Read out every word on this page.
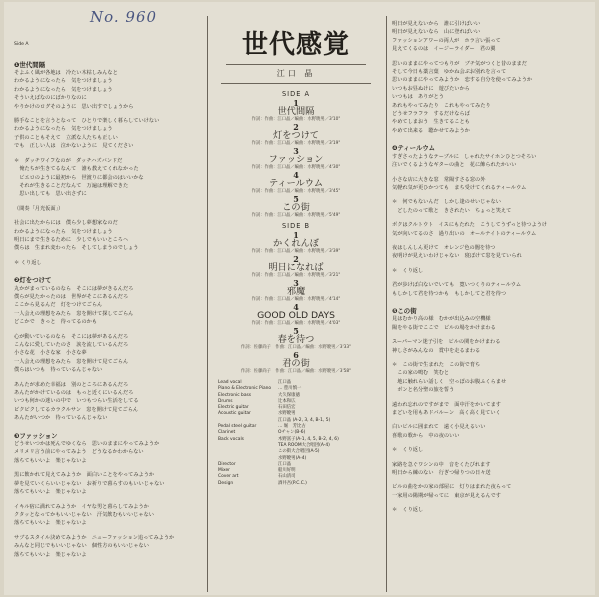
No. 960

Side A

❶世代間隔
そよふく風が各地は　冷たい木枯しみんなと
わかるようになったら　気をつけましょう
わかるようになったら　気をつけましょう
そういえばなのにばかりなのに
やりかけのログそのように　思い出すでしょうから
勝手なことを言うとなって　ひとりで楽しく暮らしていけない
わかるようになったら　気をつけましょう
子供のこともそえて　立派な人たちも正しい
でも　正しい人は　泣かないように　見てください
＊　ダッチワイフなのが　ダッチハズバンドだ
　俺たちが生きてるなんて　誰も教えてくれなかった
　ビエロのように最初から　世渡りに都会のはいいかな
　それが生きることだなんて　万遍は理解できた
　思い出しても　思い出さずに
（間奏「月光仮面」）
社会に出たからには　僕ら少し夢想家なのだ
わかるようになったら　気をつけましょう
明日にまで生きるために　少しでもいいところヘ
僕らは　生まれ変わったら　そしてしまうのでしょう
＊ くり返し
❷灯をつけて
丸かがまっているのなら　そこには夢がきるんだろ
僕らが見たかったのは　世界がそこにあるんだろ
ここから見るんだ　灯をつけてごらん
一人会えの理想をみたら　窓を開けて探してごらん
どこかで　きっと　待ってるのかも
心が動いているのなら　そこには夢があるんだろ
こんなに愛していたのさ　涙を流しているんだろ
小さな花　小さな家　小さな夢
一人会えの理想をみたら　窓を開けて見てごらん
僕らはいつも　待っているんじゃない
あんたが求めた幸福は　別のところにあるんだろ
あんたがかけているのは　もっと近くにいるんだろ
いつも何かの迷いの中で　いつもつらい生活をしてる
ピクピクしてるカラクルサン　窓を開けて見てごらん
あんたがいつか　待っているんじゃない
❸ファッション
どうせいつかは死んでゆくなら　思いのままにやってみようか
メリメリ言う前にやってみよう　どうなるかわからない
落ちてもいいよ　楽じゃないよ
黒に飲かれて見えてみようか　面白いことをやってみようか
夢を見ていくらいいじゃない　お祈りで暮らすのもいいじゃない
落ちてもいいよ　楽じゃないよ
イキル宿に満れてみようか　イヤな男と暮らしてみようか
クタッとなってかもいいじゃない　汗気飲むもいいじゃない
落ちてもいいよ　楽じゃないよ
サブるスタイル決めてみようか　ニューファッション追ってみようか
みんなと同じでもいいじゃない　個性方のもいいじゃない
落ちてもいいよ　楽じゃないよ
世代感覚
江口 晶
SIDE A
1
世代間隔
作詞：作曲：江口晶／編曲：水野暁男／3'10"
2
灯をつけて
作詞：作曲：江口晶／編曲：水野暁男／3'19"
3
ファッション
作詞：作曲：江口晶／編曲：水野暁男／4'30"
4
ティールウム
作詞：作曲：江口晶／編曲：水野暁男／3'45"
5
この街
作詞：作曲：江口晶／編曲：水野暁男／5'49"
SIDE B
1
かくれんぼ
作詞：作曲：江口晶／編曲：水野暁男／3'39"
2
明日になれば
作詞：作曲：江口晶／編曲：水野暁男／3'21"
3
邪魔
作詞：作曲：江口晶／編曲：水野暁男／4'14"
4
GOOD OLD DAYS
作詞：作曲：江口晶／編曲：水野暁男／4'03"
5
春を待つ
作詞：佐藤尚子　作曲：江口晶／編曲：水野暁男／3'33"
6
君の街
作詞：佐藤尚子　作曲：江口晶／編曲：水野暁男／3'58"
Lead vocal	江口晶
Piano & Electronic Piano	… 豊川慎一
Electronic bass	大久保康徳
Drums	辻本和広
Electric guitar	石田信宏
Acoustic guitar	水野暁男
江口晶 (A-2, 3, 4, B-1, 5)
Pedal steel guitar	… 堀　芳比古
Clarinet	Oチャン(B-6)
Back vocals	木野富子(A-1, 4, 5, B-2, 4, 6)
TEA ROOM大合唱団(A-4)
この街大合唱団(A-5)
水野暁男(A-4)
Director	江口晶
Mixer	船川好明
Cover art	石山清司
Design	酒井吾(P.C.C.)
明日が見えないから　誰に引けばいい
明日が見えないなら　山に登ればいい
ファッションアワーの両人が　ホラ言い張って
見えてくるのは　イージーライダー　君の翼
思いのままにやってつもりが　ブチ気がつくと昔のままだ
そして今日も薬言葉　ゆかね会ぶお別れを言って
思いのままにやってみようか　恋する自分を使ってみようか
いつもお昼ぬけに　遊びたいから
いつもは　ありがとう
あれもやってみたり　これもやってみたり
どうせフラフラ　するだけならば
やめてしまおう　生きてることも
やめて出来る　聴かせてみようか
❹ティールウム
すぎさったようなテーブルに　しゃれたサイホンひとつそろい
注いでくるようなギターの曲と　花に飾られたかいい
小さな店に大きな窓　常陽すさる窓の外
気軽れ気が更ひかつても　まち受けてくれるティールウム
＊　何でもないんだ　しかし逢のせいじゃない
　どしたのって歌と　きされたい　ちょっと笑えて
ボクはクルトウト　イスにもたれた　こうしてうずっと待つようけ
気が向いてるのさ　過り出いの　オールナイトのティールウム
夜はしんしん更けて　オレンジ色の闇を待つ
夜明けが見えいわけじゃない　寝ぼけて窓を見ていられ
＊　くり返し
君が歩けば白ないでいても　寛いつくりのティールウム
もしかして君を待つかも　もしかしてと君を待つ
❺この街
見はむかり高の様　むかが出込みの空機様
陽をやる街でここで　ビルの場をかけまわる
スーパーマン迷子引を　ビルの関をかけまわる
神しさがみんなの　賞中を走るまわる
＊　この街で生まれた　この街で育ち
　この家の鳴む　笑むと
　地に触れらい話しく　空っぽのお腹ふくらませ
　ボンと名分聖の旅を誓う
遠われ忘れのですがまで　面中汗をかいてます
まどいを用もあドバルーン　高く高く見ていく
白いビルに囲まれて　遠く小見えるいい
喜歌の歌から　中の夜のいい
＊　くり返し
家路を急ぐワシンの中　音をくたびれます
明日から練のない　行ぎつ帰りつの日々送
ビルの曲をかの家の部屋に　灯りはまれた夜らって
一家用の陽期が帰ってに　東京が見えるんです
＊　くり返し
